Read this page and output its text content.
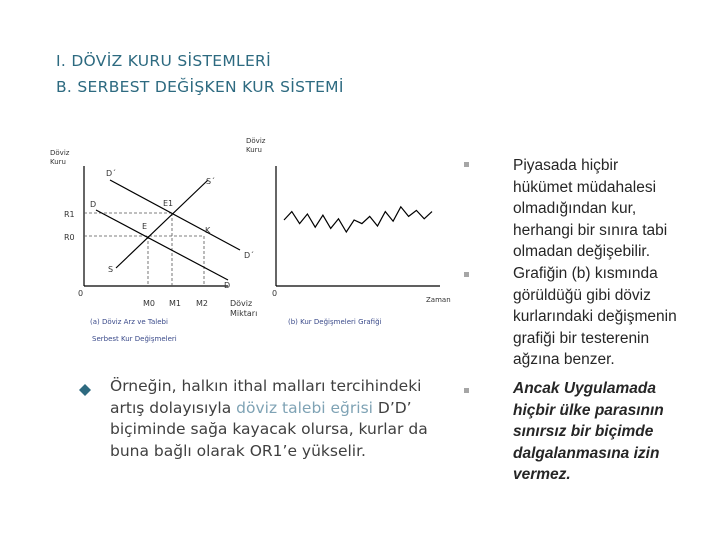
I. DÖVİZ KURU SİSTEMLERİ
B. SERBEST DEĞİŞKEN KUR SİSTEMİ
Döviz
Kuru
0
R1
R0
M0 M1 M2	Döviz
Miktarı
D´
S´
D	E1
E	K
D´
S
D
(a) Döviz Arz ve Talebi
Serbest Kur Değişmeleri
Döviz
Kuru
0
Zaman
(b) Kur Değişmeleri Grafiği
Örneğin, halkın ithal malları tercihindeki artış dolayısıyla döviz talebi eğrisi D’D’ biçiminde sağa kayacak olursa, kurlar da buna bağlı olarak OR1’e yükselir.
Piyasada hiçbir
hükümet müdahalesi
olmadığından kur,
herhangi bir sınıra tabi
olmadan değişebilir.
Grafiğin (b) kısmında
görüldüğü gibi döviz
kurlarındaki değişmenin
grafiği bir testerenin
ağzına benzer.
Ancak Uygulamada
hiçbir ülke parasının
sınırsız bir biçimde
dalgalanmasına izin
vermez.
